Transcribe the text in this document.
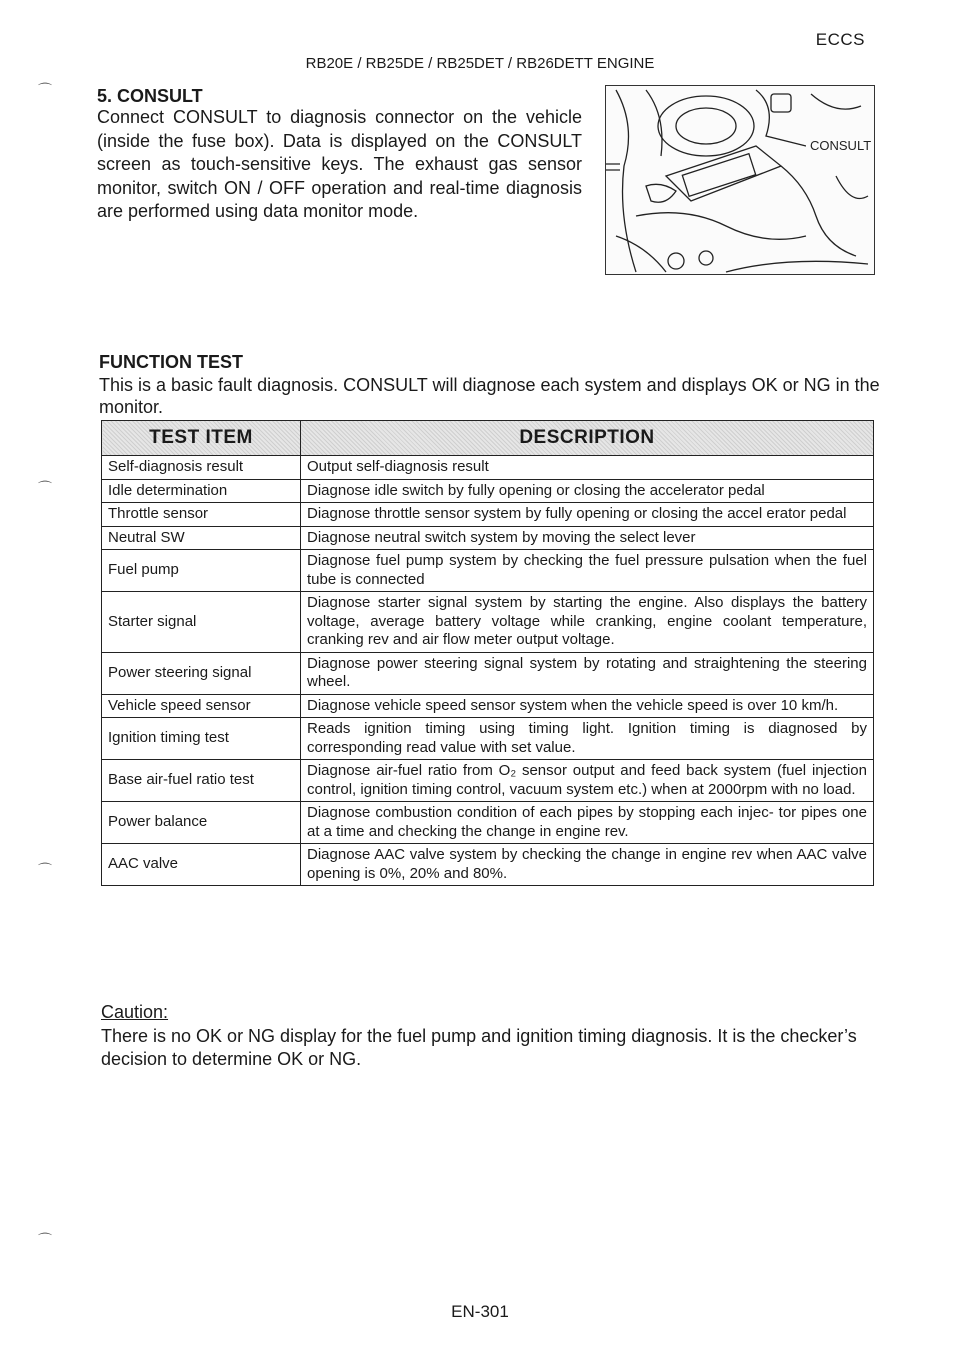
ECCS
RB20E / RB25DE / RB25DET / RB26DETT ENGINE
⌒
⌒
⌒
⌒
5. CONSULT
Connect CONSULT to diagnosis connector on the vehicle (inside the fuse box). Data is displayed on the CONSULT screen as touch-sensitive keys. The exhaust gas sensor monitor, switch ON / OFF operation and real-time diagnosis are performed using data monitor mode.
CONSULT
FUNCTION TEST
This is a basic fault diagnosis. CONSULT will diagnose each system and displays OK or NG in the monitor.
TEST ITEM	DESCRIPTION
Self-diagnosis result	Output self-diagnosis result
Idle determination	Diagnose idle switch by fully opening or closing the accelerator pedal
Throttle sensor	Diagnose throttle sensor system by fully opening or closing the accel erator pedal
Neutral SW	Diagnose neutral switch system by moving the select lever
Fuel pump	Diagnose fuel pump system by checking the fuel pressure pulsation when the fuel tube is connected
Starter signal	Diagnose starter signal system by starting the engine. Also displays the battery voltage, average battery voltage while cranking, engine coolant temperature, cranking rev and air flow meter output voltage.
Power steering signal	Diagnose power steering signal system by rotating and straightening the steering wheel.
Vehicle speed sensor	Diagnose vehicle speed sensor system when the vehicle speed is over 10 km/h.
Ignition timing test	Reads ignition timing using timing light. Ignition timing is diagnosed by corresponding read value with set value.
Base air-fuel ratio test	Diagnose air-fuel ratio from O₂ sensor output and feed back system (fuel injection control, ignition timing control, vacuum system etc.) when at 2000rpm with no load.
Power balance	Diagnose combustion condition of each pipes by stopping each injec- tor pipes one at a time and checking the change in engine rev.
AAC valve	Diagnose AAC valve system by checking the change in engine rev when AAC valve opening is 0%, 20% and 80%.
Caution:
There is no OK or NG display for the fuel pump and ignition timing diagnosis. It is the checker’s decision to determine OK or NG.
EN-301
